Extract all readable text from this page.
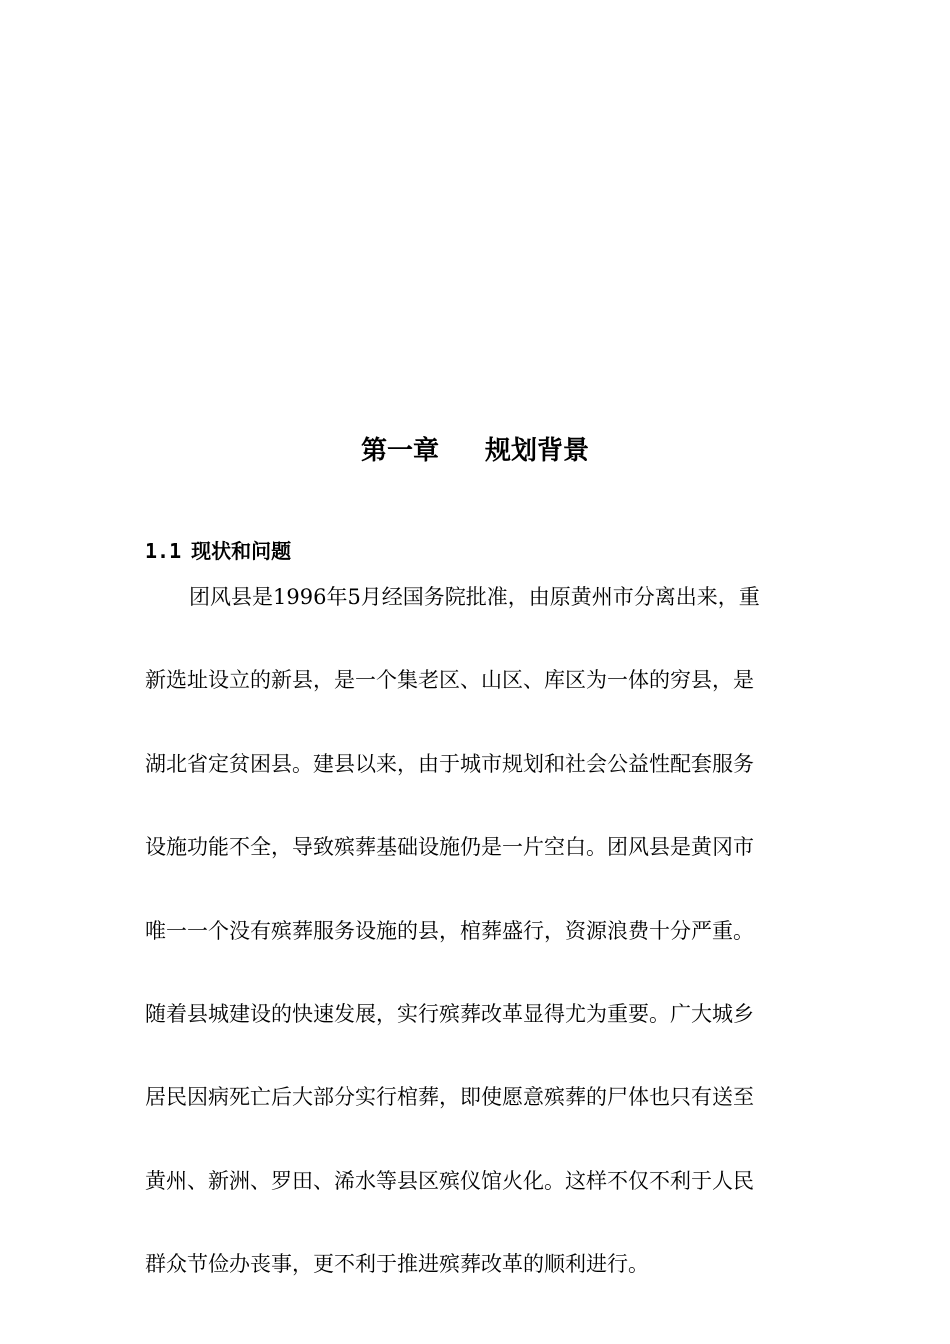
第一章 规划背景
1.1 现状和问题
团风县是1996年5月经国务院批准，由原黄州市分离出来，重
新选址设立的新县，是一个集老区、山区、库区为一体的穷县，是
湖北省定贫困县。建县以来，由于城市规划和社会公益性配套服务
设施功能不全，导致殡葬基础设施仍是一片空白。团风县是黄冈市
唯一一个没有殡葬服务设施的县，棺葬盛行，资源浪费十分严重。
随着县城建设的快速发展，实行殡葬改革显得尤为重要。广大城乡
居民因病死亡后大部分实行棺葬，即使愿意殡葬的尸体也只有送至
黄州、新洲、罗田、浠水等县区殡仪馆火化。这样不仅不利于人民
群众节俭办丧事，更不利于推进殡葬改革的顺利进行。
